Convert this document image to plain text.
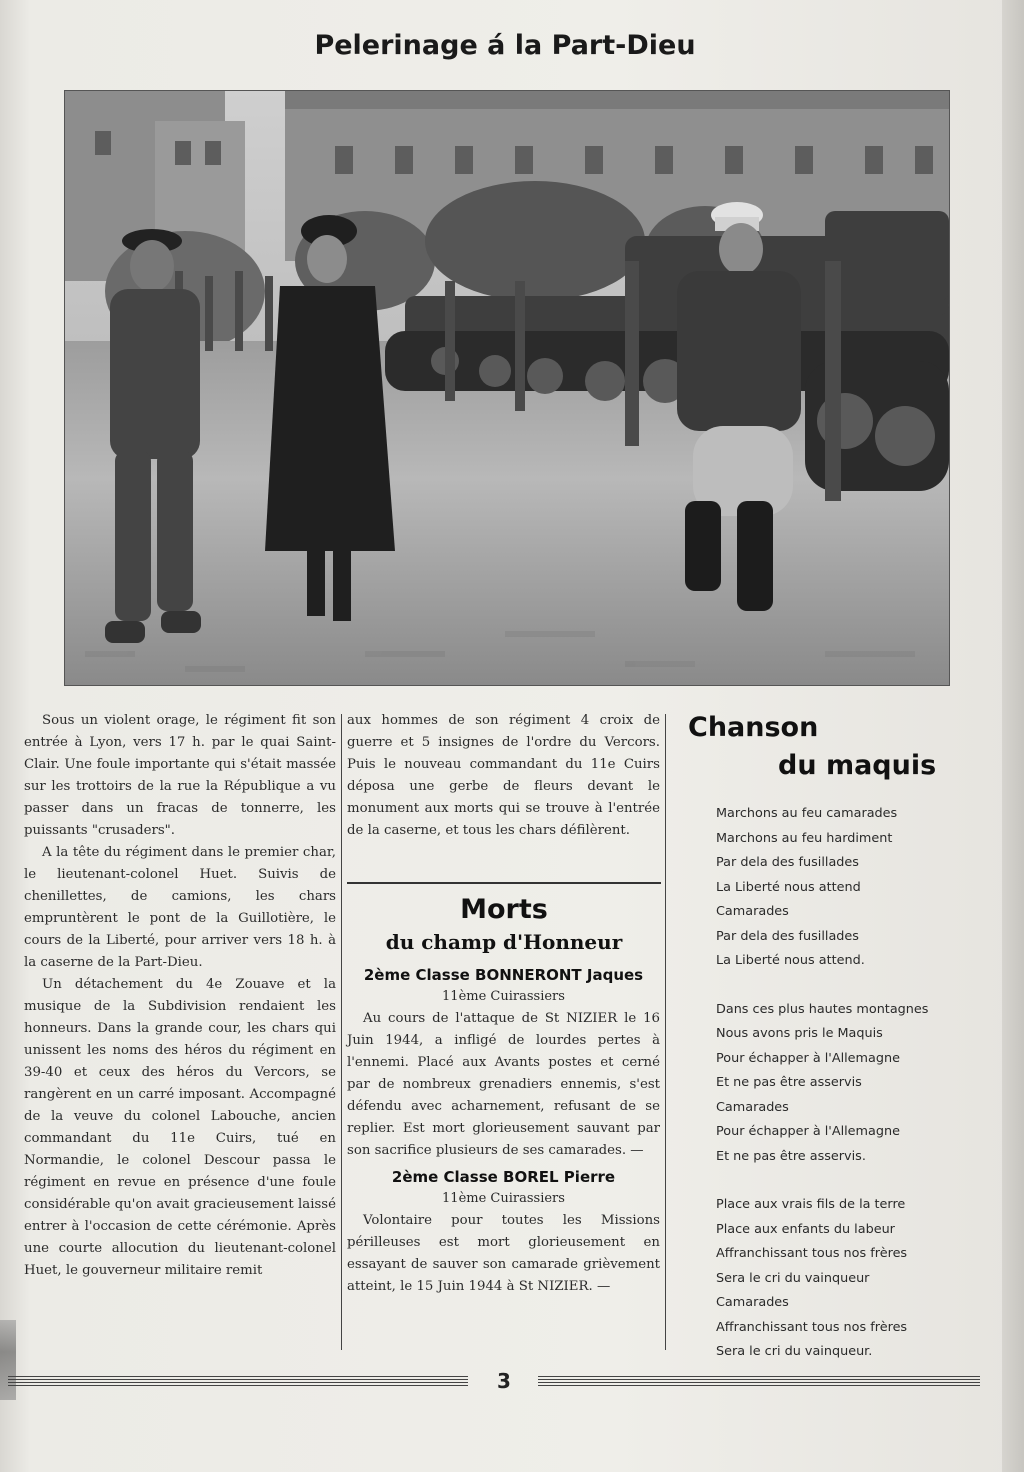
Pelerinage á la Part-Dieu

Sous un violent orage, le régiment fit son entrée à Lyon, vers 17 h. par le quai Saint-Clair. Une foule importante qui s'était massée sur les trottoirs de la rue la République a vu passer dans un fracas de tonnerre, les puissants "crusaders".

A la tête du régiment dans le premier char, le lieutenant-colonel Huet. Suivis de chenillettes, de camions, les chars empruntèrent le pont de la Guillotière, le cours de la Liberté, pour arriver vers 18 h. à la caserne de la Part-Dieu.

Un détachement du 4e Zouave et la musique de la Subdivision rendaient les honneurs. Dans la grande cour, les chars qui unissent les noms des héros du régiment en 39-40 et ceux des héros du Vercors, se rangèrent en un carré imposant. Accompagné de la veuve du colonel Labouche, ancien commandant du 11e Cuirs, tué en Normandie, le colonel Descour passa le régiment en revue en présence d'une foule considérable qu'on avait gracieusement laissé entrer à l'occasion de cette cérémonie. Après une courte allocution du lieutenant-colonel Huet, le gouverneur militaire remit

aux hommes de son régiment 4 croix de guerre et 5 insignes de l'ordre du Vercors. Puis le nouveau commandant du 11e Cuirs déposa une gerbe de fleurs devant le monument aux morts qui se trouve à l'entrée de la caserne, et tous les chars défilèrent.

Morts
du champ d'Honneur

2ème Classe BONNERONT Jaques

11ème Cuirassiers

Au cours de l'attaque de St NIZIER le 16 Juin 1944, a infligé de lourdes pertes à l'ennemi. Placé aux Avants postes et cerné par de nombreux grenadiers ennemis, s'est défendu avec acharnement, refusant de se replier. Est mort glorieusement sauvant par son sacrifice plusieurs de ses camarades. —

2ème Classe BOREL Pierre

11ème Cuirassiers

Volontaire pour toutes les Missions périlleuses est mort glorieusement en essayant de sauver son camarade grièvement atteint, le 15 Juin 1944 à St NIZIER. —

Chanson
du maquis
Marchons au feu camarades
Marchons au feu hardiment
Par dela des fusillades
La Liberté nous attend
Camarades
Par dela des fusillades
La Liberté nous attend.
Dans ces plus hautes montagnes
Nous avons pris le Maquis
Pour échapper à l'Allemagne
Et ne pas être asservis
Camarades
Pour échapper à l'Allemagne
Et ne pas être asservis.
Place aux vrais fils de la terre
Place aux enfants du labeur
Affranchissant tous nos frères
Sera le cri du vainqueur
Camarades
Affranchissant tous nos frères
Sera le cri du vainqueur.
3
